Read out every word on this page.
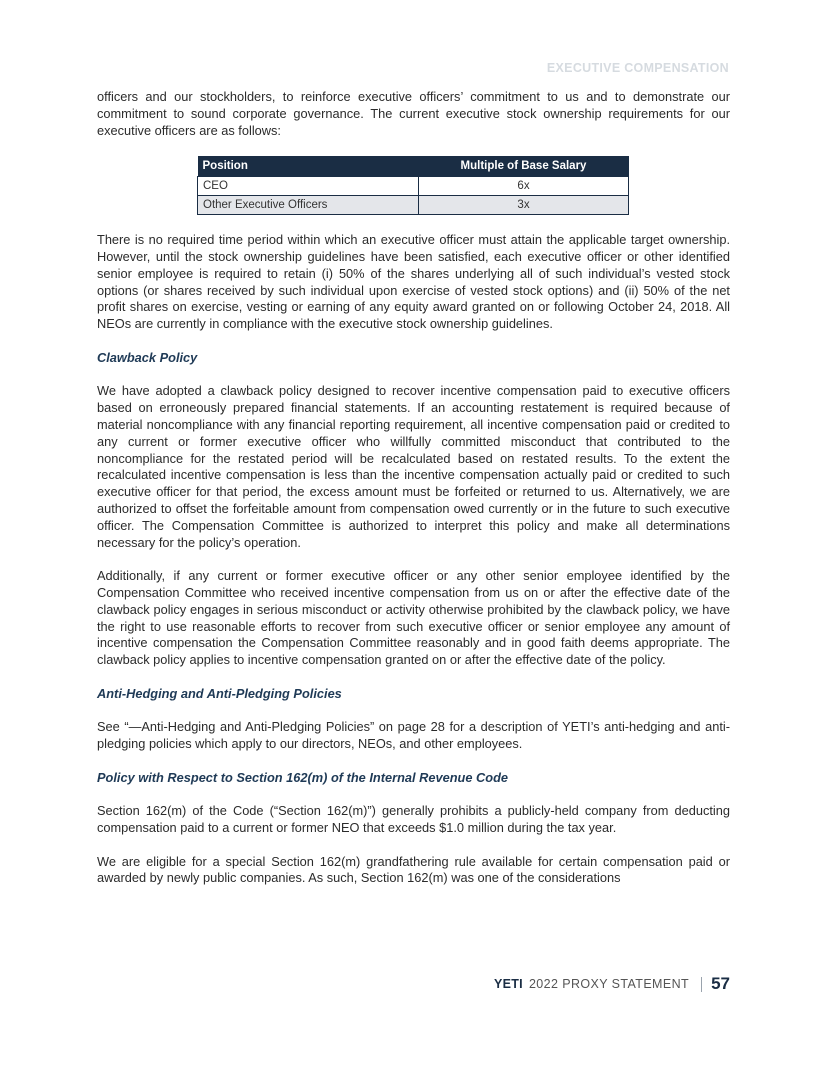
EXECUTIVE COMPENSATION

officers and our stockholders, to reinforce executive officers’ commitment to us and to demonstrate our commitment to sound corporate governance. The current executive stock ownership requirements for our executive officers are as follows:

Position	Multiple of Base Salary
CEO	6x
Other Executive Officers	3x

There is no required time period within which an executive officer must attain the applicable target ownership. However, until the stock ownership guidelines have been satisfied, each executive officer or other identified senior employee is required to retain (i) 50% of the shares underlying all of such individual’s vested stock options (or shares received by such individual upon exercise of vested stock options) and (ii) 50% of the net profit shares on exercise, vesting or earning of any equity award granted on or following October 24, 2018. All NEOs are currently in compliance with the executive stock ownership guidelines.

Clawback Policy

We have adopted a clawback policy designed to recover incentive compensation paid to executive officers based on erroneously prepared financial statements. If an accounting restatement is required because of material noncompliance with any financial reporting requirement, all incentive compensation paid or credited to any current or former executive officer who willfully committed misconduct that contributed to the noncompliance for the restated period will be recalculated based on restated results. To the extent the recalculated incentive compensation is less than the incentive compensation actually paid or credited to such executive officer for that period, the excess amount must be forfeited or returned to us. Alternatively, we are authorized to offset the forfeitable amount from compensation owed currently or in the future to such executive officer. The Compensation Committee is authorized to interpret this policy and make all determinations necessary for the policy’s operation.

Additionally, if any current or former executive officer or any other senior employee identified by the Compensation Committee who received incentive compensation from us on or after the effective date of the clawback policy engages in serious misconduct or activity otherwise prohibited by the clawback policy, we have the right to use reasonable efforts to recover from such executive officer or senior employee any amount of incentive compensation the Compensation Committee reasonably and in good faith deems appropriate. The clawback policy applies to incentive compensation granted on or after the effective date of the policy.

Anti-Hedging and Anti-Pledging Policies

See “—Anti-Hedging and Anti-Pledging Policies” on page 28 for a description of YETI’s anti-hedging and anti-pledging policies which apply to our directors, NEOs, and other employees.

Policy with Respect to Section 162(m) of the Internal Revenue Code

Section 162(m) of the Code (“Section 162(m)”) generally prohibits a publicly-held company from deducting compensation paid to a current or former NEO that exceeds $1.0 million during the tax year.

We are eligible for a special Section 162(m) grandfathering rule available for certain compensation paid or awarded by newly public companies. As such, Section 162(m) was one of the considerations

YETI 2022 PROXY STATEMENT 57
